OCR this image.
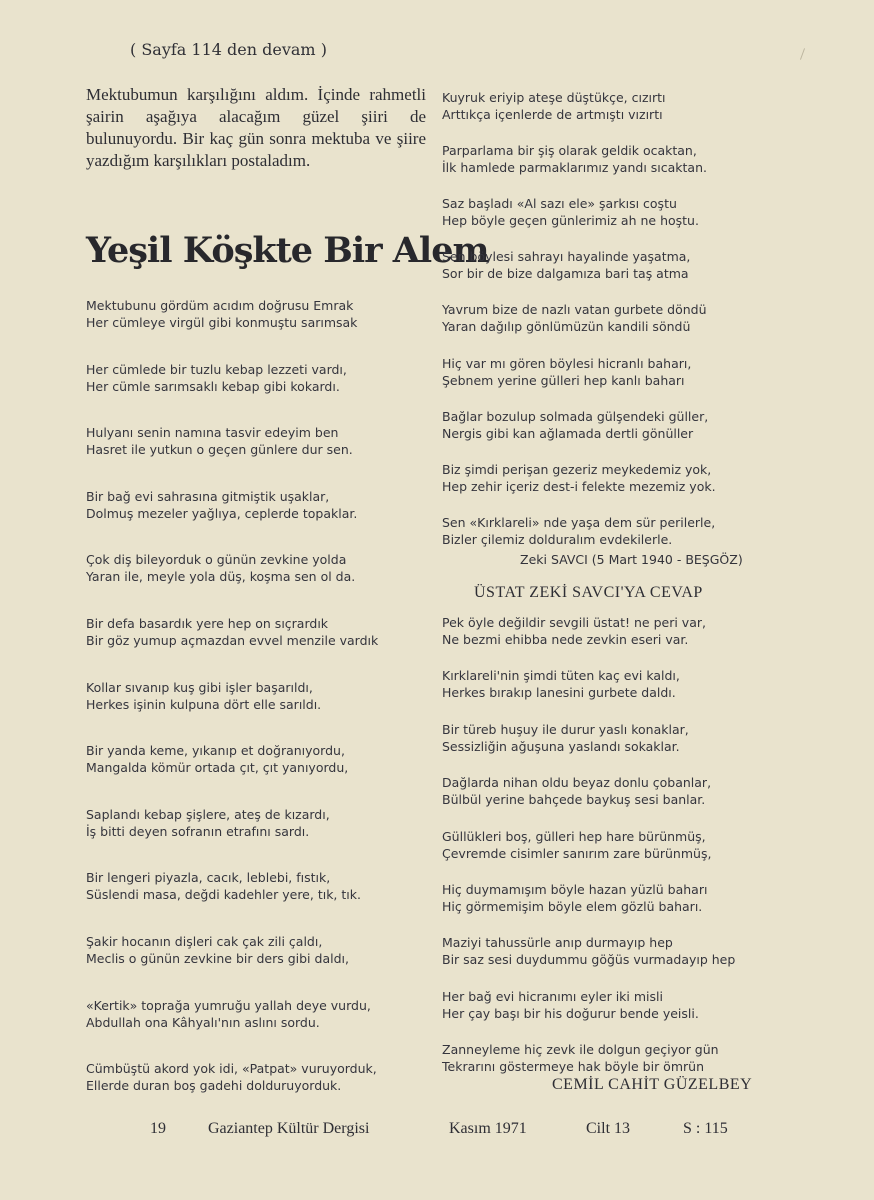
( Sayfa 114 den devam )
Mektubumun karşılığını aldım. İçinde rahmetli şairin aşağıya alacağım güzel şiiri de bulunuyordu. Bir kaç gün sonra mektuba ve şiire yazdığım karşılıkları postaladım.
Yeşil Köşkte Bir Alem
Mektubunu gördüm acıdım doğrusu Emrak
Her cümleye virgül gibi konmuştu sarımsak
Her cümlede bir tuzlu kebap lezzeti vardı,
Her cümle sarımsaklı kebap gibi kokardı.
Hulyanı senin namına tasvir edeyim ben
Hasret ile yutkun o geçen günlere dur sen.
Bir bağ evi sahrasına gitmiştik uşaklar,
Dolmuş mezeler yağlıya, ceplerde topaklar.
Çok diş bileyorduk o günün zevkine yolda
Yaran ile, meyle yola düş, koşma sen ol da.
Bir defa basardık yere hep on sıçrardık
Bir göz yumup açmazdan evvel menzile vardık
Kollar sıvanıp kuş gibi işler başarıldı,
Herkes işinin kulpuna dört elle sarıldı.
Bir yanda keme, yıkanıp et doğranıyordu,
Mangalda kömür ortada çıt, çıt yanıyordu,
Saplandı kebap şişlere, ateş de kızardı,
İş bitti deyen sofranın etrafını sardı.
Bir lengeri piyazla, cacık, leblebi, fıstık,
Süslendi masa, değdi kadehler yere, tık, tık.
Şakir hocanın dişleri cak çak zili çaldı,
Meclis o günün zevkine bir ders gibi daldı,
«Kertik» toprağa yumruğu yallah deye vurdu,
Abdullah ona Kâhyalı'nın aslını sordu.
Cümbüştü akord yok idi, «Patpat» vuruyorduk,
Ellerde duran boş gadehi dolduruyorduk.
Kuyruk eriyip ateşe düştükçe, cızırtı
Arttıkça içenlerde de artmıştı vızırtı
Parparlama bir şiş olarak geldik ocaktan,
İlk hamlede parmaklarımız yandı sıcaktan.
Saz başladı «Al sazı ele» şarkısı coştu
Hep böyle geçen günlerimiz ah ne hoştu.
Sen böylesi sahrayı hayalinde yaşatma,
Sor bir de bize dalgamıza bari taş atma
Yavrum bize de nazlı vatan gurbete döndü
Yaran dağılıp gönlümüzün kandili söndü
Hiç var mı gören böylesi hicranlı baharı,
Şebnem yerine gülleri hep kanlı baharı
Bağlar bozulup solmada gülşendeki güller,
Nergis gibi kan ağlamada dertli gönüller
Biz şimdi perişan gezeriz meykedemiz yok,
Hep zehir içeriz dest-i felekte mezemiz yok.
Sen «Kırklareli» nde yaşa dem sür perilerle,
Bizler çilemiz dolduralım evdekilerle.
Zeki SAVCI (5 Mart 1940 - BEŞGÖZ)
ÜSTAT ZEKİ SAVCI'YA CEVAP
Pek öyle değildir sevgili üstat! ne peri var,
Ne bezmi ehibba nede zevkin eseri var.
Kırklareli'nin şimdi tüten kaç evi kaldı,
Herkes bırakıp lanesini gurbete daldı.
Bir türeb huşuy ile durur yaslı konaklar,
Sessizliğin ağuşuna yaslandı sokaklar.
Dağlarda nihan oldu beyaz donlu çobanlar,
Bülbül yerine bahçede baykuş sesi banlar.
Güllükleri boş, gülleri hep hare bürünmüş,
Çevremde cisimler sanırım zare bürünmüş,
Hiç duymamışım böyle hazan yüzlü baharı
Hiç görmemişim böyle elem gözlü baharı.
Maziyi tahussürle anıp durmayıp hep
Bir saz sesi duydummu göğüs vurmadayıp hep
Her bağ evi hicranımı eyler iki misli
Her çay başı bir his doğurur bende yeisli.
Zanneyleme hiç zevk ile dolgun geçiyor gün
Tekrarını göstermeye hak böyle bir ömrün
CEMİL CAHİT GÜZELBEY
19	Gaziantep Kültür Dergisi	Kasım 1971	Cilt 13	S : 115
